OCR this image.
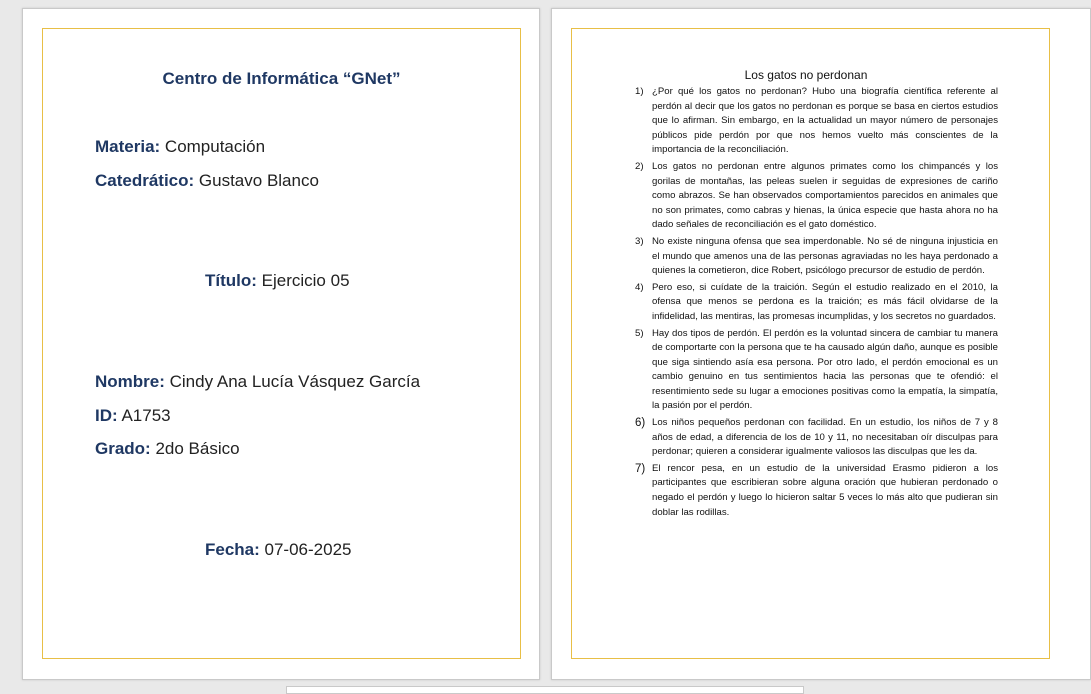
Centro de Informática “GNet”
Materia: Computación
Catedrático: Gustavo Blanco
Título: Ejercicio 05
Nombre: Cindy Ana Lucía Vásquez García
ID: A1753
Grado: 2do Básico
Fecha: 07-06-2025

Los gatos no perdonan

1) ¿Por qué los gatos no perdonan? Hubo una biografía científica referente al perdón al decir que los gatos no perdonan es porque se basa en ciertos estudios que lo afirman. Sin embargo, en la actualidad un mayor número de personajes públicos pide perdón por que nos hemos vuelto más conscientes de la importancia de la reconciliación.
2) Los gatos no perdonan entre algunos primates como los chimpancés y los gorilas de montañas, las peleas suelen ir seguidas de expresiones de cariño como abrazos. Se han observados comportamientos parecidos en animales que no son primates, como cabras y hienas, la única especie que hasta ahora no ha dado señales de reconciliación es el gato doméstico.
3) No existe ninguna ofensa que sea imperdonable. No sé de ninguna injusticia en el mundo que amenos una de las personas agraviadas no les haya perdonado a quienes la cometieron, dice Robert, psicólogo precursor de estudio de perdón.
4) Pero eso, si cuídate de la traición. Según el estudio realizado en el 2010, la ofensa que menos se perdona es la traición; es más fácil olvidarse de la infidelidad, las mentiras, las promesas incumplidas, y los secretos no guardados.
5) Hay dos tipos de perdón. El perdón es la voluntad sincera de cambiar tu manera de comportarte con la persona que te ha causado algún daño, aunque es posible que siga sintiendo asía esa persona. Por otro lado, el perdón emocional es un cambio genuino en tus sentimientos hacia las personas que te ofendió: el resentimiento sede su lugar a emociones positivas como la empatía, la simpatía, la pasión por el perdón.
6) Los niños pequeños perdonan con facilidad. En un estudio, los niños de 7 y 8 años de edad, a diferencia de los de 10 y 11, no necesitaban oír disculpas para perdonar; quieren a considerar igualmente valiosos las disculpas que les da.
7) El rencor pesa, en un estudio de la universidad Erasmo pidieron a los participantes que escribieran sobre alguna oración que hubieran perdonado o negado el perdón y luego lo hicieron saltar 5 veces lo más alto que pudieran sin doblar las rodillas.
